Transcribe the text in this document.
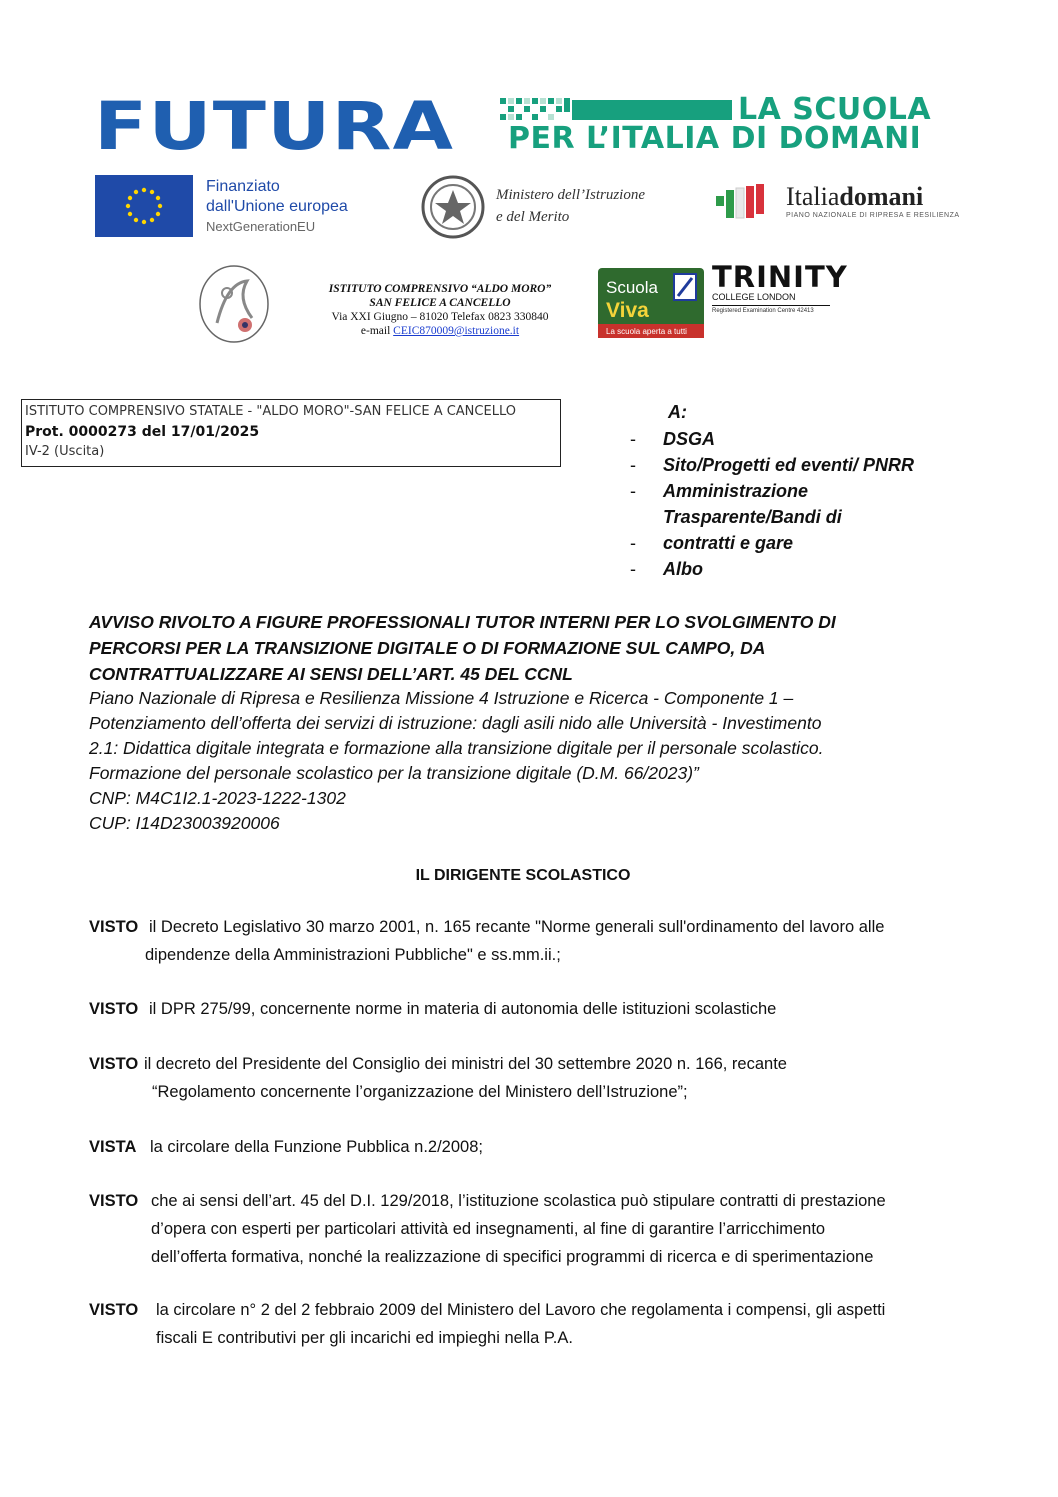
FUTURA	LA SCUOLA
PER L’ITALIA DI DOMANI
Finanziato
dall'Unione europea
NextGenerationEU
Ministero dell’Istruzione
e del Merito
Italiadomani
PIANO NAZIONALE DI RIPRESA E RESILIENZA
ISTITUTO COMPRENSIVO “ALDO MORO”
SAN FELICE A CANCELLO
Via XXI Giugno – 81020 Telefax 0823 330840
e-mail CEIC870009@istruzione.it
Scuola
Viva
La scuola aperta a tutti
TRINITY
COLLEGE LONDON
Registered Examination Centre 42413
ISTITUTO COMPRENSIVO STATALE - "ALDO MORO"-SAN FELICE A CANCELLO
Prot. 0000273 del 17/01/2025
IV-2 (Uscita)
A:
-	DSGA
-	Sito/Progetti ed eventi/ PNRR
-	Amministrazione
Trasparente/Bandi di
-	contratti e gare
-	Albo

AVVISO RIVOLTO A FIGURE PROFESSIONALI TUTOR INTERNI PER LO SVOLGIMENTO DI PERCORSI PER LA TRANSIZIONE DIGITALE O DI FORMAZIONE SUL CAMPO, DA CONTRATTUALIZZARE AI SENSI DELL’ART. 45 DEL CCNL

Piano Nazionale di Ripresa e Resilienza Missione 4 Istruzione e Ricerca - Componente 1 –
Potenziamento dell’offerta dei servizi di istruzione: dagli asili nido alle Università - Investimento
2.1: Didattica digitale integrata e formazione alla transizione digitale per il personale scolastico.
Formazione del personale scolastico per la transizione digitale (D.M. 66/2023)”
CNP: M4C1I2.1-2023-1222-1302
CUP: I14D23003920006
IL DIRIGENTE SCOLASTICO
VISTO il Decreto Legislativo 30 marzo 2001, n. 165 recante "Norme generali sull'ordinamento del lavoro alle
dipendenze della Amministrazioni Pubbliche" e ss.mm.ii.;
VISTO il DPR 275/99, concernente norme in materia di autonomia delle istituzioni scolastiche
VISTO il decreto del Presidente del Consiglio dei ministri del 30 settembre 2020 n. 166, recante
“Regolamento concernente l’organizzazione del Ministero dell’Istruzione”;
VISTA la circolare della Funzione Pubblica n.2/2008;
VISTO che ai sensi dell’art. 45 del D.I. 129/2018, l’istituzione scolastica può stipulare contratti di prestazione
d’opera con esperti per particolari attività ed insegnamenti, al fine di garantire l’arricchimento
dell’offerta formativa, nonché la realizzazione di specifici programmi di ricerca e di sperimentazione
VISTO la circolare n° 2 del 2 febbraio 2009 del Ministero del Lavoro che regolamenta i compensi, gli aspetti
fiscali E contributivi per gli incarichi ed impieghi nella P.A.
